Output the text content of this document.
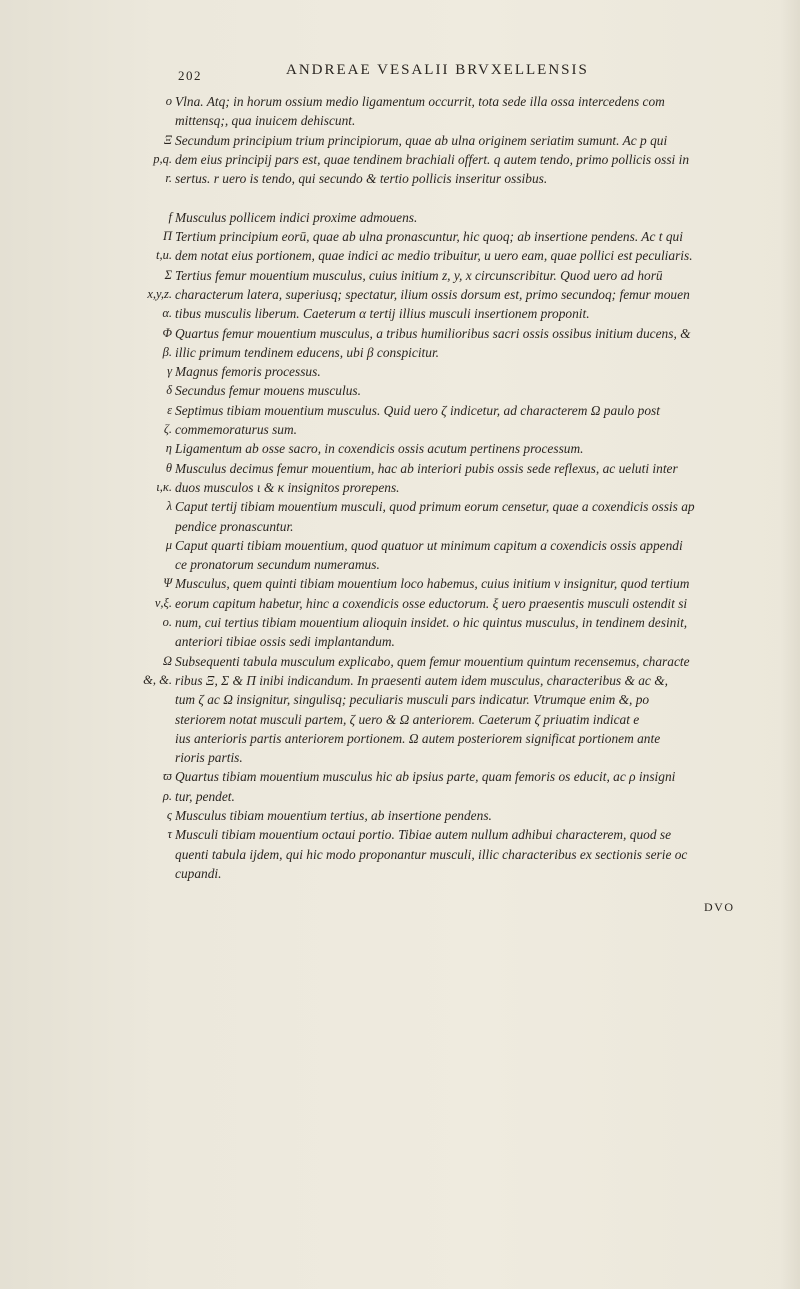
202	ANDREAE VESALII BRVXELLENSIS
o Vlna. Atq; in horum ossium medio ligamentum occurrit, tota sede illa ossa intercedens com
mittensq;, qua inuicem dehiscunt.
Ξ Secundum principium trium principiorum, quae ab ulna originem seriatim sumunt. Ac p qui
p,q. dem eius principij pars est, quae tendinem brachiali offert. q autem tendo, primo pollicis ossi in
r. sertus. r uero is tendo, qui secundo & tertio pollicis inseritur ossibus.
f Musculus pollicem indici proxime admouens.
Π Tertium principium eorū, quae ab ulna pronascuntur, hic quoq; ab insertione pendens. Ac t qui
t,u. dem notat eius portionem, quae indici ac medio tribuitur, u uero eam, quae pollici est peculiaris.
Σ Tertius femur mouentium musculus, cuius initium z, y, x circunscribitur. Quod uero ad horū
x,y,z. characterum latera, superiusq; spectatur, ilium ossis dorsum est, primo secundoq; femur mouen
α. tibus musculis liberum. Caeterum α tertij illius musculi insertionem proponit.
Φ Quartus femur mouentium musculus, a tribus humilioribus sacri ossis ossibus initium ducens, &
β. illic primum tendinem educens, ubi β conspicitur.
γ Magnus femoris processus.
δ Secundus femur mouens musculus.
ε Septimus tibiam mouentium musculus. Quid uero ζ indicetur, ad characterem Ω paulo post
ζ. commemoraturus sum.
η Ligamentum ab osse sacro, in coxendicis ossis acutum pertinens processum.
θ Musculus decimus femur mouentium, hac ab interiori pubis ossis sede reflexus, ac ueluti inter
ι,κ. duos musculos ι & κ insignitos prorepens.
λ Caput tertij tibiam mouentium musculi, quod primum eorum censetur, quae a coxendicis ossis ap
pendice pronascuntur.
μ Caput quarti tibiam mouentium, quod quatuor ut minimum capitum a coxendicis ossis appendi
ce pronatorum secundum numeramus.
Ψ Musculus, quem quinti tibiam mouentium loco habemus, cuius initium ν insignitur, quod tertium
ν,ξ. eorum capitum habetur, hinc a coxendicis osse eductorum. ξ uero praesentis musculi ostendit si
o. num, cui tertius tibiam mouentium alioquin insidet. o hic quintus musculus, in tendinem desinit,
anteriori tibiae ossis sedi implantandum.
Ω Subsequenti tabula musculum explicabo, quem femur mouentium quintum recensemus, characte
&, &. ribus Ξ, Σ & Π inibi indicandum. In praesenti autem idem musculus, characteribus & ac &,
tum ζ ac Ω insignitur, singulisq; peculiaris musculi pars indicatur. Vtrumque enim &, po
steriorem notat musculi partem, ζ uero & Ω anteriorem. Caeterum ζ priuatim indicat e
ius anterioris partis anteriorem portionem. Ω autem posteriorem significat portionem ante
rioris partis.
ϖ Quartus tibiam mouentium musculus hic ab ipsius parte, quam femoris os educit, ac ρ insigni
ρ. tur, pendet.
ς Musculus tibiam mouentium tertius, ab insertione pendens.
τ Musculi tibiam mouentium octaui portio. Tibiae autem nullum adhibui characterem, quod se
quenti tabula ijdem, qui hic modo proponantur musculi, illic characteribus ex sectionis serie oc
cupandi.
DVO
